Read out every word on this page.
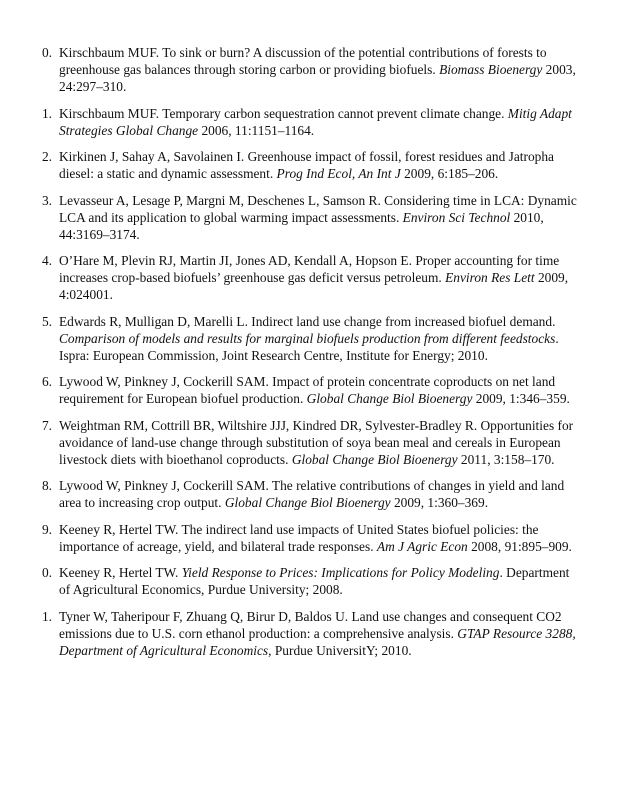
0. Kirschbaum MUF. To sink or burn? A discussion of the potential contributions of forests to greenhouse gas balances through storing carbon or providing biofuels. Biomass Bioenergy 2003, 24:297–310.
1. Kirschbaum MUF. Temporary carbon sequestration cannot prevent climate change. Mitig Adapt Strategies Global Change 2006, 11:1151–1164.
2. Kirkinen J, Sahay A, Savolainen I. Greenhouse impact of fossil, forest residues and Jatropha diesel: a static and dynamic assessment. Prog Ind Ecol, An Int J 2009, 6:185–206.
3. Levasseur A, Lesage P, Margni M, Deschenes L, Samson R. Considering time in LCA: Dynamic LCA and its application to global warming impact assessments. Environ Sci Technol 2010, 44:3169–3174.
4. O’Hare M, Plevin RJ, Martin JI, Jones AD, Kendall A, Hopson E. Proper accounting for time increases crop-based biofuels’ greenhouse gas deficit versus petroleum. Environ Res Lett 2009, 4:024001.
5. Edwards R, Mulligan D, Marelli L. Indirect land use change from increased biofuel demand. Comparison of models and results for marginal biofuels production from different feedstocks. Ispra: European Commission, Joint Research Centre, Institute for Energy; 2010.
6. Lywood W, Pinkney J, Cockerill SAM. Impact of protein concentrate coproducts on net land requirement for European biofuel production. Global Change Biol Bioenergy 2009, 1:346–359.
7. Weightman RM, Cottrill BR, Wiltshire JJJ, Kindred DR, Sylvester-Bradley R. Opportunities for avoidance of land-use change through substitution of soya bean meal and cereals in European livestock diets with bioethanol coproducts. Global Change Biol Bioenergy 2011, 3:158–170.
8. Lywood W, Pinkney J, Cockerill SAM. The relative contributions of changes in yield and land area to increasing crop output. Global Change Biol Bioenergy 2009, 1:360–369.
9. Keeney R, Hertel TW. The indirect land use impacts of United States biofuel policies: the importance of acreage, yield, and bilateral trade responses. Am J Agric Econ 2008, 91:895–909.
0. Keeney R, Hertel TW. Yield Response to Prices: Implications for Policy Modeling. Department of Agricultural Economics, Purdue University; 2008.
1. Tyner W, Taheripour F, Zhuang Q, Birur D, Baldos U. Land use changes and consequent CO2 emissions due to U.S. corn ethanol production: a comprehensive analysis. GTAP Resource 3288, Department of Agricultural Economics, Purdue UniversitY; 2010.
